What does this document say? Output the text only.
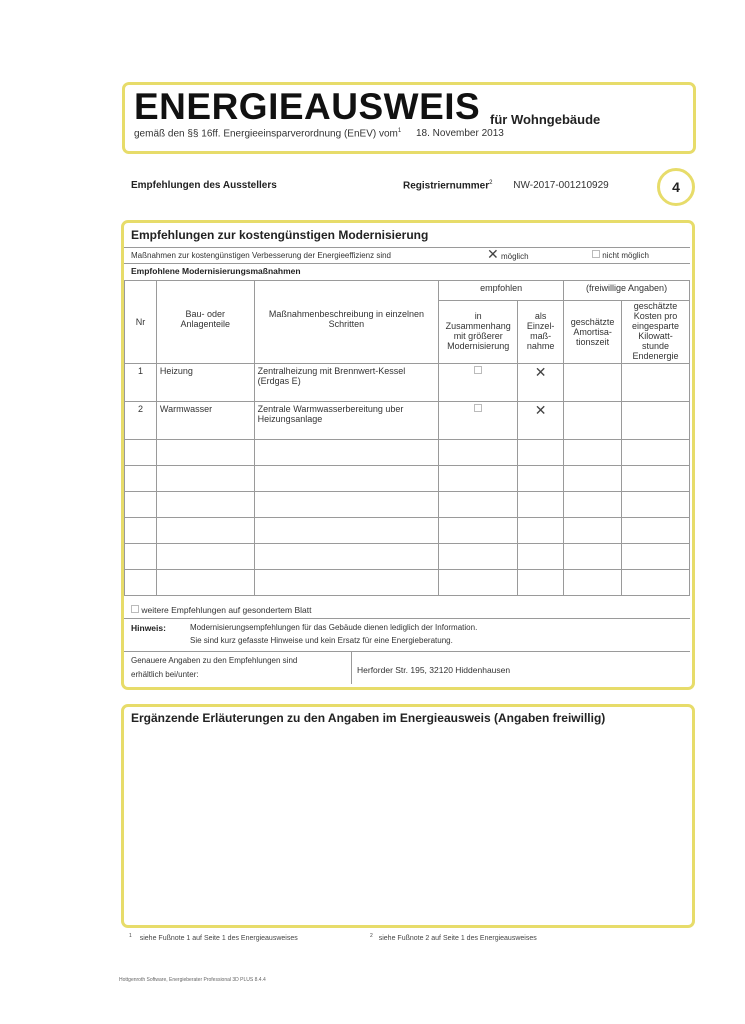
ENERGIEAUSWEIS für Wohngebäude
gemäß den §§ 16ff. Energieeinsparverordnung (EnEV) vom$^1$ 18. November 2013
Empfehlungen des Ausstellers	Registriernummer$^2$ NW-2017-001210929	4
Empfehlungen zur kostengünstigen Modernisierung
Maßnahmen zur kostengünstigen Verbesserung der Energieeffizienz sind	✕ möglich	nicht möglich
Empfohlene Modernisierungsmaßnahmen
Nr	Bau- oder Anlagenteile	Maßnahmenbeschreibung in einzelnen Schritten	empfohlen		(freiwillige Angaben)	
			in Zusammenhang mit größerer Modernisierung	als Einzel- maß- nahme	geschätzte Amortisa- tionszeit	geschätzte Kosten pro eingesparte Kilowatt- stunde Endenergie
1	Heizung	Zentralheizung mit Brennwert-Kessel (Erdgas E)		✕		
2	Warmwasser	Zentrale Warmwasserbereitung uber Heizungsanlage		✕		

weitere Empfehlungen auf gesondertem Blatt
Hinweis:	Modernisierungsempfehlungen für das Gebäude dienen lediglich der Information.
Sie sind kurz gefasste Hinweise und kein Ersatz für eine Energieberatung.
Genauere Angaben zu den Empfehlungen sind
erhältlich bei/unter:	Herforder Str. 195, 32120 Hiddenhausen
Ergänzende Erläuterungen zu den Angaben im Energieausweis (Angaben freiwillig)
$^1$ siehe Fußnote 1 auf Seite 1 des Energieausweises	$^2$ siehe Fußnote 2 auf Seite 1 des Energieausweises
Hottgenroth Software, Energieberater Professional 3D PLUS 8.4.4
